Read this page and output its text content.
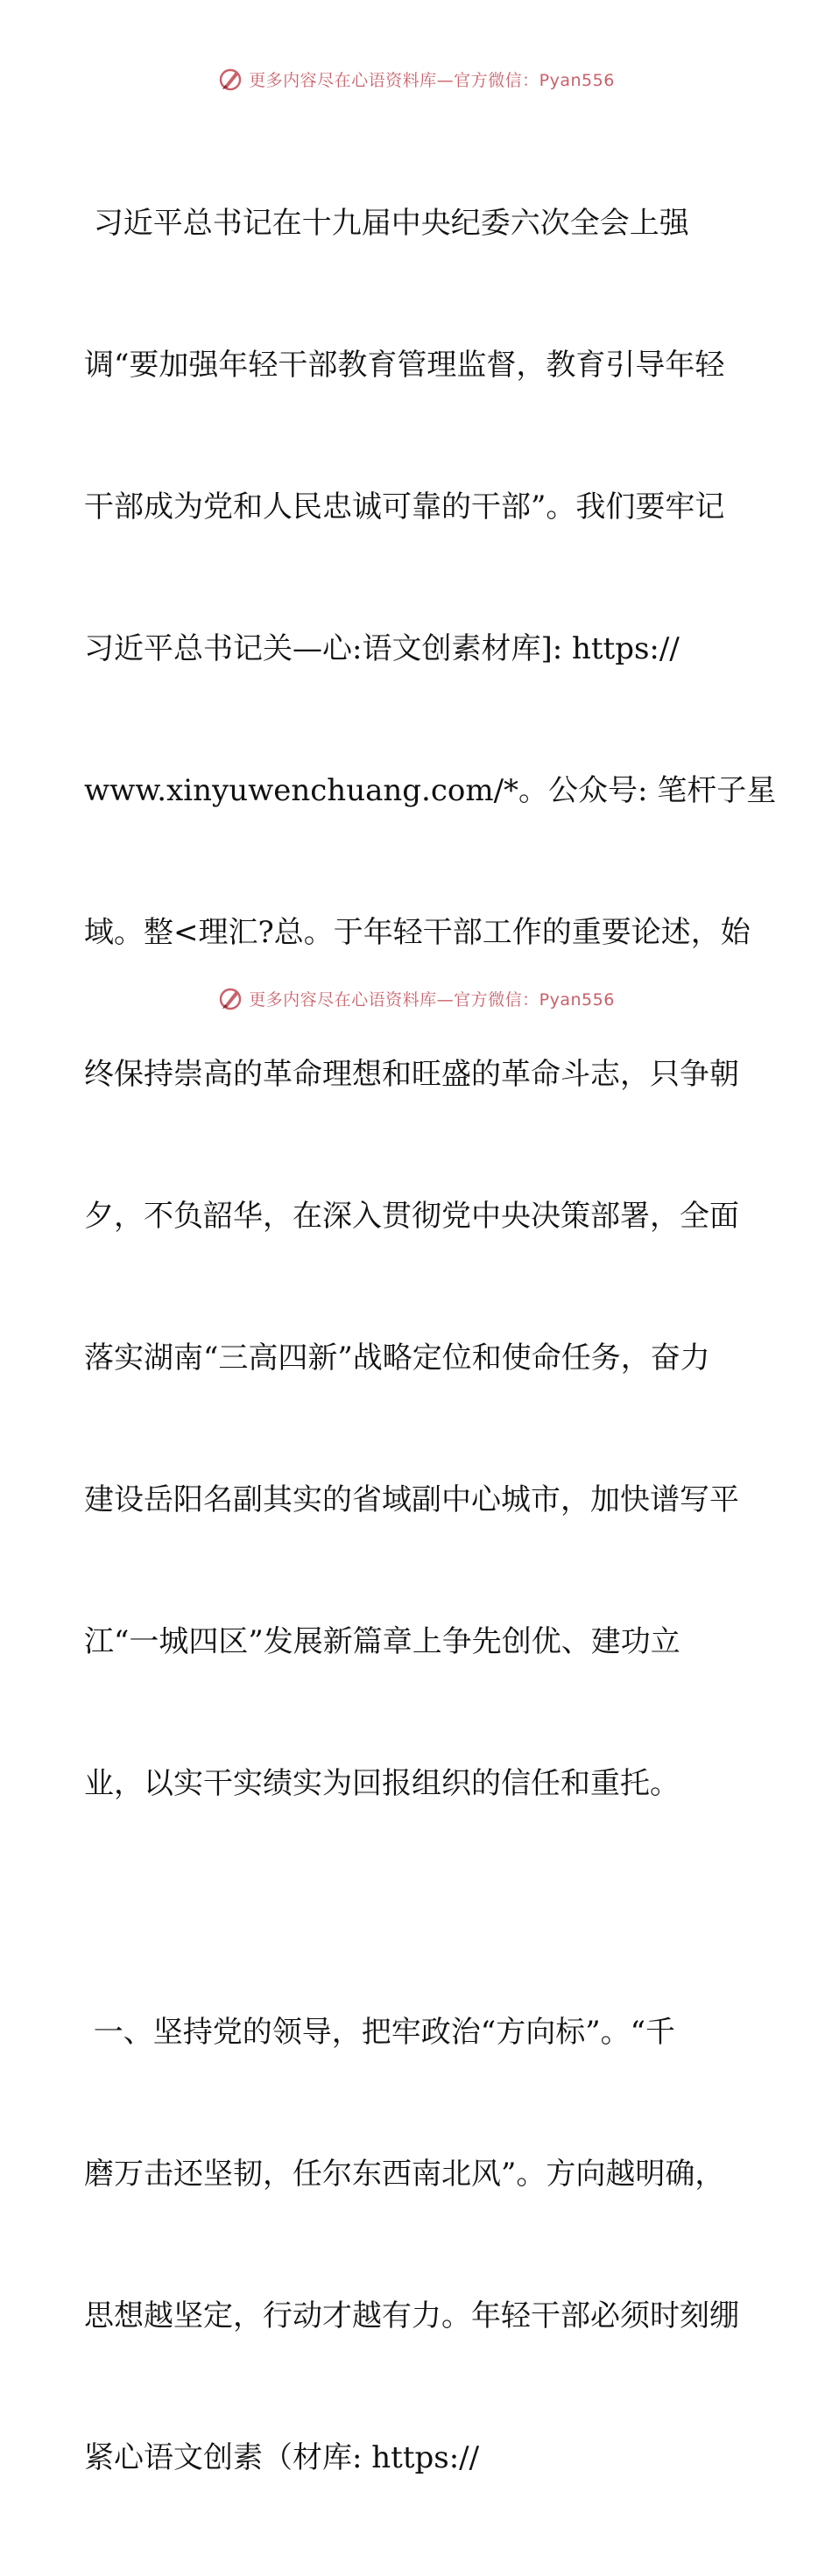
更多内容尽在心语资料库—官方微信：Pyan556

习近平总书记在十九届中央纪委六次全会上强

调“要加强年轻干部教育管理监督，教育引导年轻

干部成为党和人民忠诚可靠的干部”。我们要牢记

习近平总书记关—心:语文创素材库]: https://

www.xinyuwenchuang.com/*。公众号: 笔杆子星

域。整<理汇?总。于年轻干部工作的重要论述，始

终保持崇高的革命理想和旺盛的革命斗志，只争朝

夕，不负韶华，在深入贯彻党中央决策部署，全面

落实湖南“三高四新”战略定位和使命任务，奋力

建设岳阳名副其实的省域副中心城市，加快谱写平

江“一城四区”发展新篇章上争先创优、建功立

业，以实干实绩实为回报组织的信任和重托。

一、坚持党的领导，把牢政治“方向标”。“千

磨万击还坚韧，任尔东西南北风”。方向越明确，

思想越坚定，行动才越有力。年轻干部必须时刻绷

紧心语文创素（材库: https://

更多内容尽在心语资料库—官方微信：Pyan556
